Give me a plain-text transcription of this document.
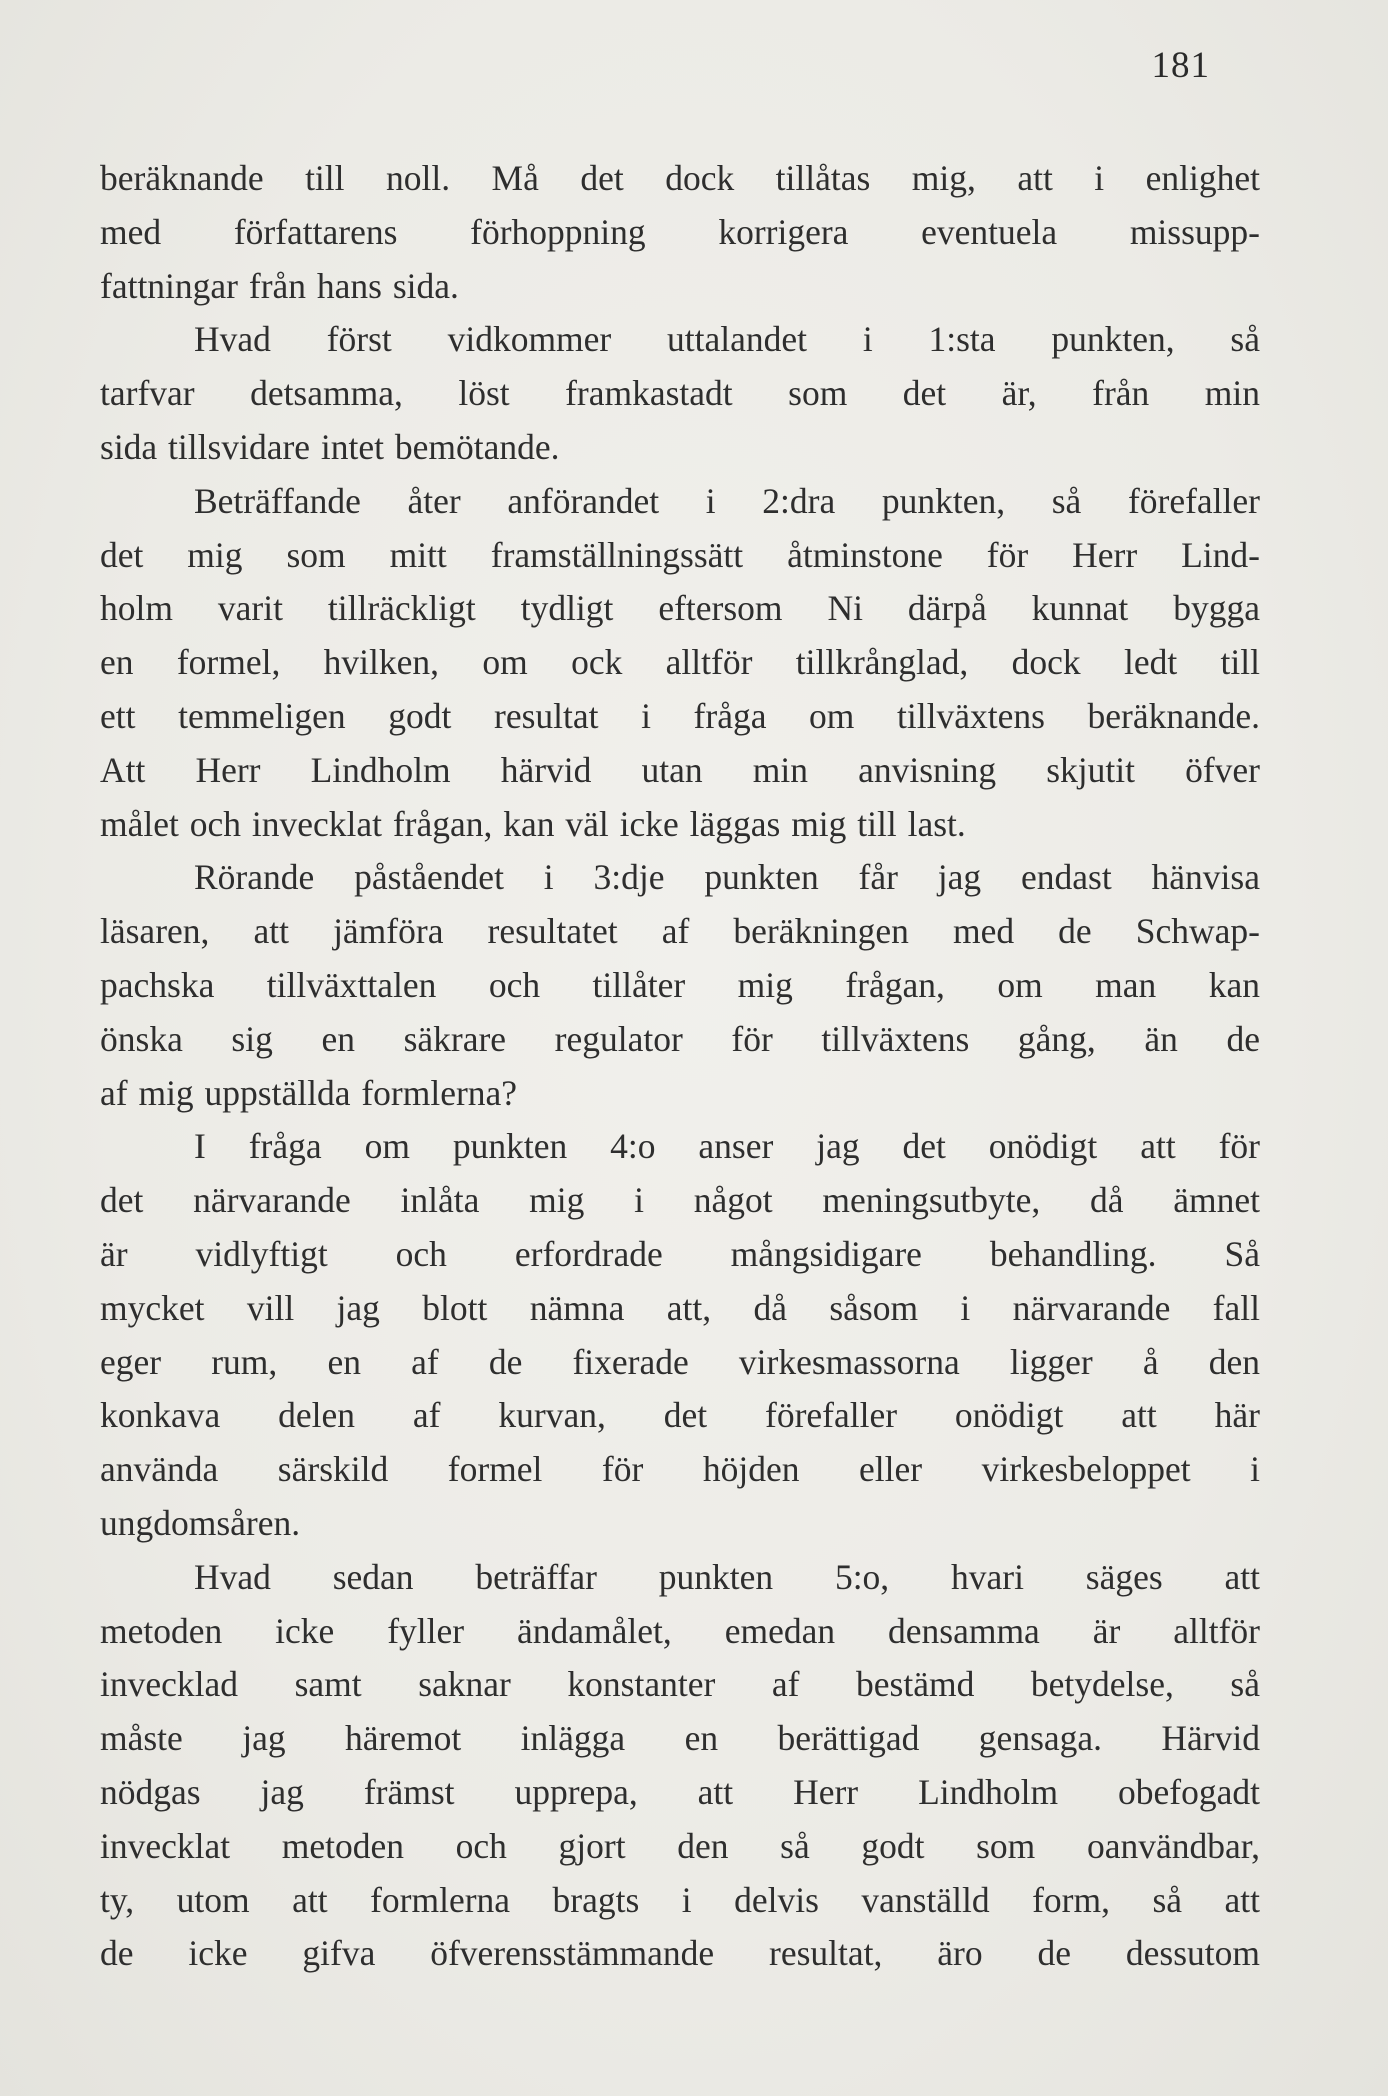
181
beräknande till noll. Må det dock tillåtas mig, att i enlighet
med författarens förhoppning korrigera eventuela missupp-
fattningar från hans sida.
Hvad först vidkommer uttalandet i 1:sta punkten, så
tarfvar detsamma, löst framkastadt som det är, från min
sida tillsvidare intet bemötande.
Beträffande åter anförandet i 2:dra punkten, så förefaller
det mig som mitt framställningssätt åtminstone för Herr Lind-
holm varit tillräckligt tydligt eftersom Ni därpå kunnat bygga
en formel, hvilken, om ock alltför tillkrånglad, dock ledt till
ett temmeligen godt resultat i fråga om tillväxtens beräknande.
Att Herr Lindholm härvid utan min anvisning skjutit öfver
målet och invecklat frågan, kan väl icke läggas mig till last.
Rörande påståendet i 3:dje punkten får jag endast hänvisa
läsaren, att jämföra resultatet af beräkningen med de Schwap-
pachska tillväxttalen och tillåter mig frågan, om man kan
önska sig en säkrare regulator för tillväxtens gång, än de
af mig uppställda formlerna?
I fråga om punkten 4:o anser jag det onödigt att för
det närvarande inlåta mig i något meningsutbyte, då ämnet
är vidlyftigt och erfordrade mångsidigare behandling. Så
mycket vill jag blott nämna att, då såsom i närvarande fall
eger rum, en af de fixerade virkesmassorna ligger å den
konkava delen af kurvan, det förefaller onödigt att här
använda särskild formel för höjden eller virkesbeloppet i
ungdomsåren.
Hvad sedan beträffar punkten 5:o, hvari säges att
metoden icke fyller ändamålet, emedan densamma är alltför
invecklad samt saknar konstanter af bestämd betydelse, så
måste jag häremot inlägga en berättigad gensaga. Härvid
nödgas jag främst upprepa, att Herr Lindholm obefogadt
invecklat metoden och gjort den så godt som oanvändbar,
ty, utom att formlerna bragts i delvis vanställd form, så att
de icke gifva öfverensstämmande resultat, äro de dessutom
